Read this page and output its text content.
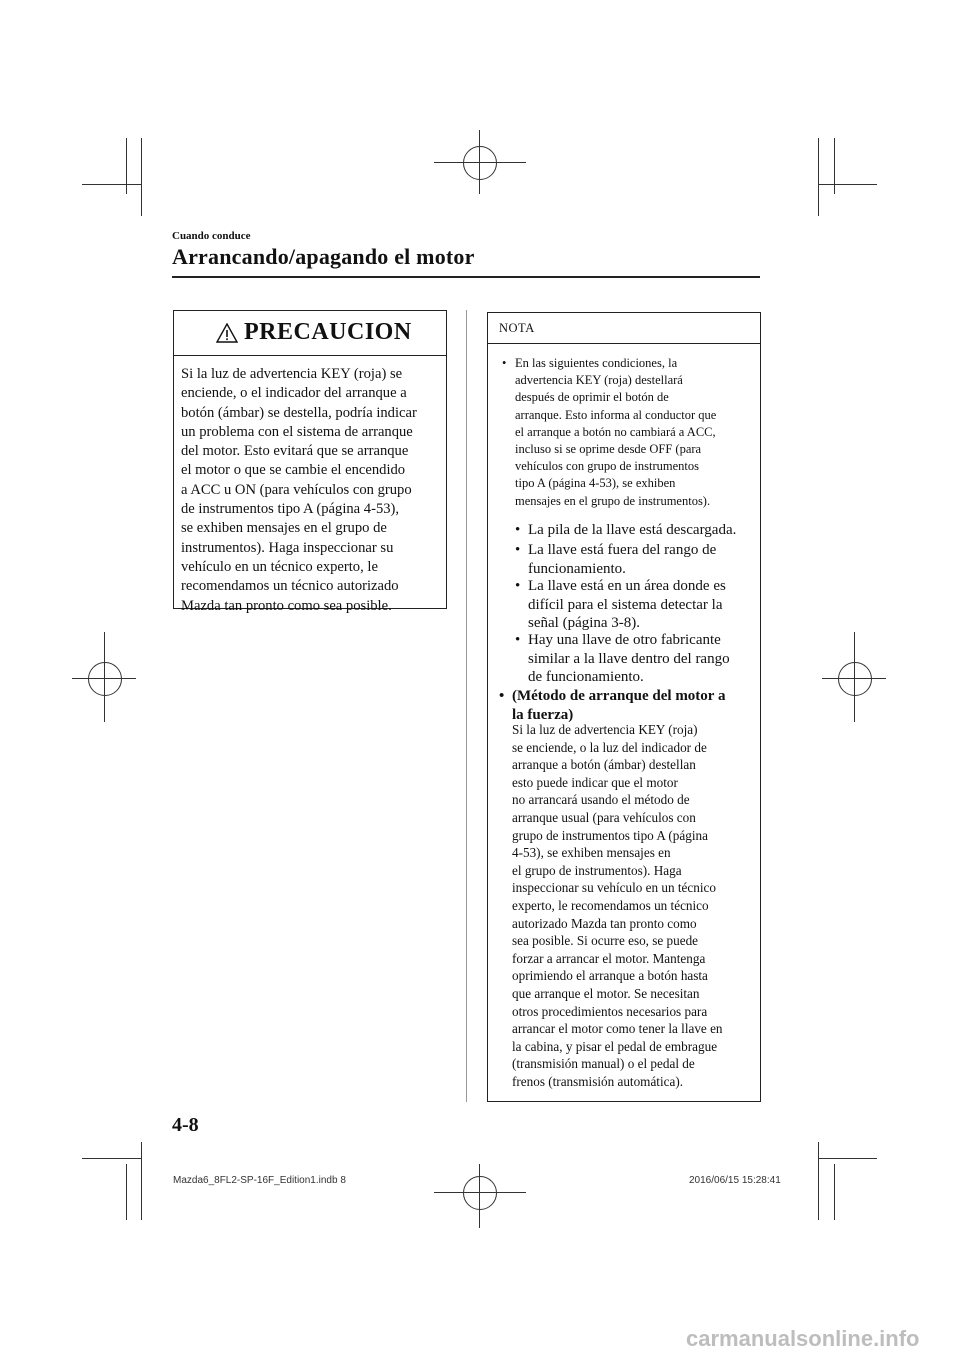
Cuando conduce
Arrancando/apagando el motor
PRECAUCION
Si la luz de advertencia KEY (roja) se
enciende, o el indicador del arranque a
botón (ámbar) se destella, podría indicar
un problema con el sistema de arranque
del motor. Esto evitará que se arranque
el motor o que se cambie el encendido
a ACC u ON (para vehículos con grupo
de instrumentos tipo A (página 4-53),
se exhiben mensajes en el grupo de
instrumentos). Haga inspeccionar su
vehículo en un técnico experto, le
recomendamos un técnico autorizado
Mazda tan pronto como sea posible.
NOTA
• En las siguientes condiciones, la
advertencia KEY (roja) destellará
después de oprimir el botón de
arranque. Esto informa al conductor que
el arranque a botón no cambiará a ACC,
incluso si se oprime desde OFF (para
vehículos con grupo de instrumentos
tipo A (página 4-53), se exhiben
mensajes en el grupo de instrumentos).
• La pila de la llave está descargada.
• La llave está fuera del rango de
funcionamiento.
• La llave está en un área donde es
difícil para el sistema detectar la
señal (página 3-8).
• Hay una llave de otro fabricante
similar a la llave dentro del rango
de funcionamiento.
• (Método de arranque del motor a
la fuerza)
Si la luz de advertencia KEY (roja)
se enciende, o la luz del indicador de
arranque a botón (ámbar) destellan
esto puede indicar que el motor
no arrancará usando el método de
arranque usual (para vehículos con
grupo de instrumentos tipo A (página
4-53), se exhiben mensajes en
el grupo de instrumentos). Haga
inspeccionar su vehículo en un técnico
experto, le recomendamos un técnico
autorizado Mazda tan pronto como
sea posible. Si ocurre eso, se puede
forzar a arrancar el motor. Mantenga
oprimiendo el arranque a botón hasta
que arranque el motor. Se necesitan
otros procedimientos necesarios para
arrancar el motor como tener la llave en
la cabina, y pisar el pedal de embrague
(transmisión manual) o el pedal de
frenos (transmisión automática).
4-8
Mazda6_8FL2-SP-16F_Edition1.indb 8	2016/06/15 15:28:41
carmanualsonline.info
